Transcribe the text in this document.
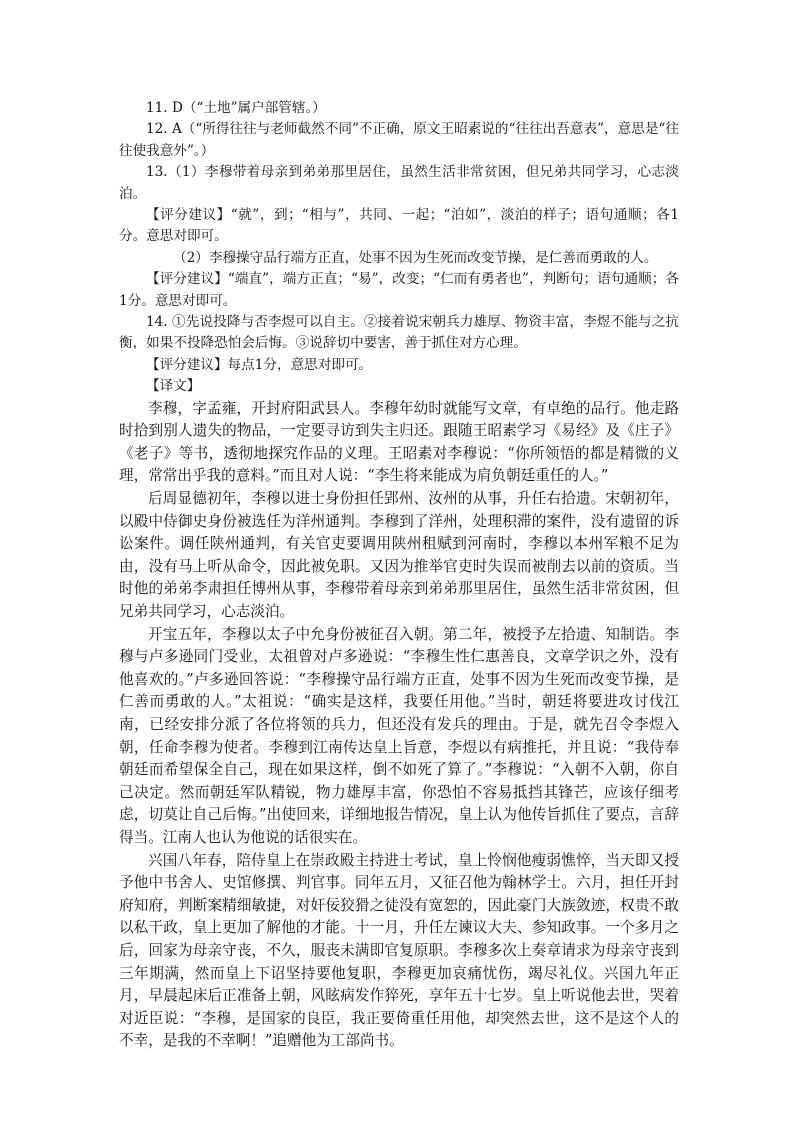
11. D（“土地”属户部管辖。）

12. A（“所得往往与老师截然不同”不正确，原文王昭素说的“往往出吾意表”，意思是“往往使我意外”。）

13.（1）李穆带着母亲到弟弟那里居住，虽然生活非常贫困，但兄弟共同学习，心志淡泊。

【评分建议】“就”，到；“相与”，共同、一起；“泊如”，淡泊的样子；语句通顺；各1分。意思对即可。

（2）李穆操守品行端方正直，处事不因为生死而改变节操，是仁善而勇敢的人。

【评分建议】“端直”，端方正直；“易”，改变；“仁而有勇者也”，判断句；语句通顺；各1分。意思对即可。

14. ①先说投降与否李煜可以自主。②接着说宋朝兵力雄厚、物资丰富，李煜不能与之抗衡，如果不投降恐怕会后悔。③说辞切中要害，善于抓住对方心理。

【评分建议】每点1分，意思对即可。

【译文】

李穆，字孟雍，开封府阳武县人。李穆年幼时就能写文章，有卓绝的品行。他走路时拾到别人遗失的物品，一定要寻访到失主归还。跟随王昭素学习《易经》及《庄子》《老子》等书，透彻地探究作品的义理。王昭素对李穆说：“你所领悟的都是精微的义理，常常出乎我的意料。”而且对人说：“李生将来能成为肩负朝廷重任的人。”

后周显德初年，李穆以进士身份担任郢州、汝州的从事，升任右拾遗。宋朝初年，以殿中侍御史身份被选任为洋州通判。李穆到了洋州，处理积滞的案件，没有遗留的诉讼案件。调任陕州通判，有关官吏要调用陕州租赋到河南时，李穆以本州军粮不足为由，没有马上听从命令，因此被免职。又因为推举官吏时失误而被削去以前的资质。当时他的弟弟李肃担任博州从事，李穆带着母亲到弟弟那里居住，虽然生活非常贫困，但兄弟共同学习，心志淡泊。

开宝五年，李穆以太子中允身份被征召入朝。第二年，被授予左拾遗、知制诰。李穆与卢多逊同门受业，太祖曾对卢多逊说：“李穆生性仁惠善良，文章学识之外，没有他喜欢的。”卢多逊回答说：“李穆操守品行端方正直，处事不因为生死而改变节操，是仁善而勇敢的人。”太祖说：“确实是这样，我要任用他。”当时，朝廷将要进攻讨伐江南，已经安排分派了各位将领的兵力，但还没有发兵的理由。于是，就先召令李煜入朝，任命李穆为使者。李穆到江南传达皇上旨意，李煜以有病推托，并且说：“我侍奉朝廷而希望保全自己，现在如果这样，倒不如死了算了。”李穆说：“入朝不入朝，你自己决定。然而朝廷军队精锐，物力雄厚丰富，你恐怕不容易抵挡其锋芒，应该仔细考虑，切莫让自己后悔。”出使回来，详细地报告情况，皇上认为他传旨抓住了要点，言辞得当。江南人也认为他说的话很实在。

兴国八年春，陪侍皇上在崇政殿主持进士考试，皇上怜悯他瘦弱憔悴，当天即又授予他中书舍人、史馆修撰、判官事。同年五月，又征召他为翰林学士。六月，担任开封府知府，判断案精细敏捷，对奸佞狡猾之徒没有宽恕的，因此豪门大族敛迹，权贵不敢以私干政，皇上更加了解他的才能。十一月，升任左谏议大夫、参知政事。一个多月之后，回家为母亲守丧，不久，服丧未满即官复原职。李穆多次上奏章请求为母亲守丧到三年期满，然而皇上下诏坚持要他复职，李穆更加哀痛忧伤，竭尽礼仪。兴国九年正月，早晨起床后正准备上朝，风眩病发作猝死，享年五十七岁。皇上听说他去世，哭着对近臣说：“李穆，是国家的良臣，我正要倚重任用他，却突然去世，这不是这个人的不幸，是我的不幸啊！”追赠他为工部尚书。
